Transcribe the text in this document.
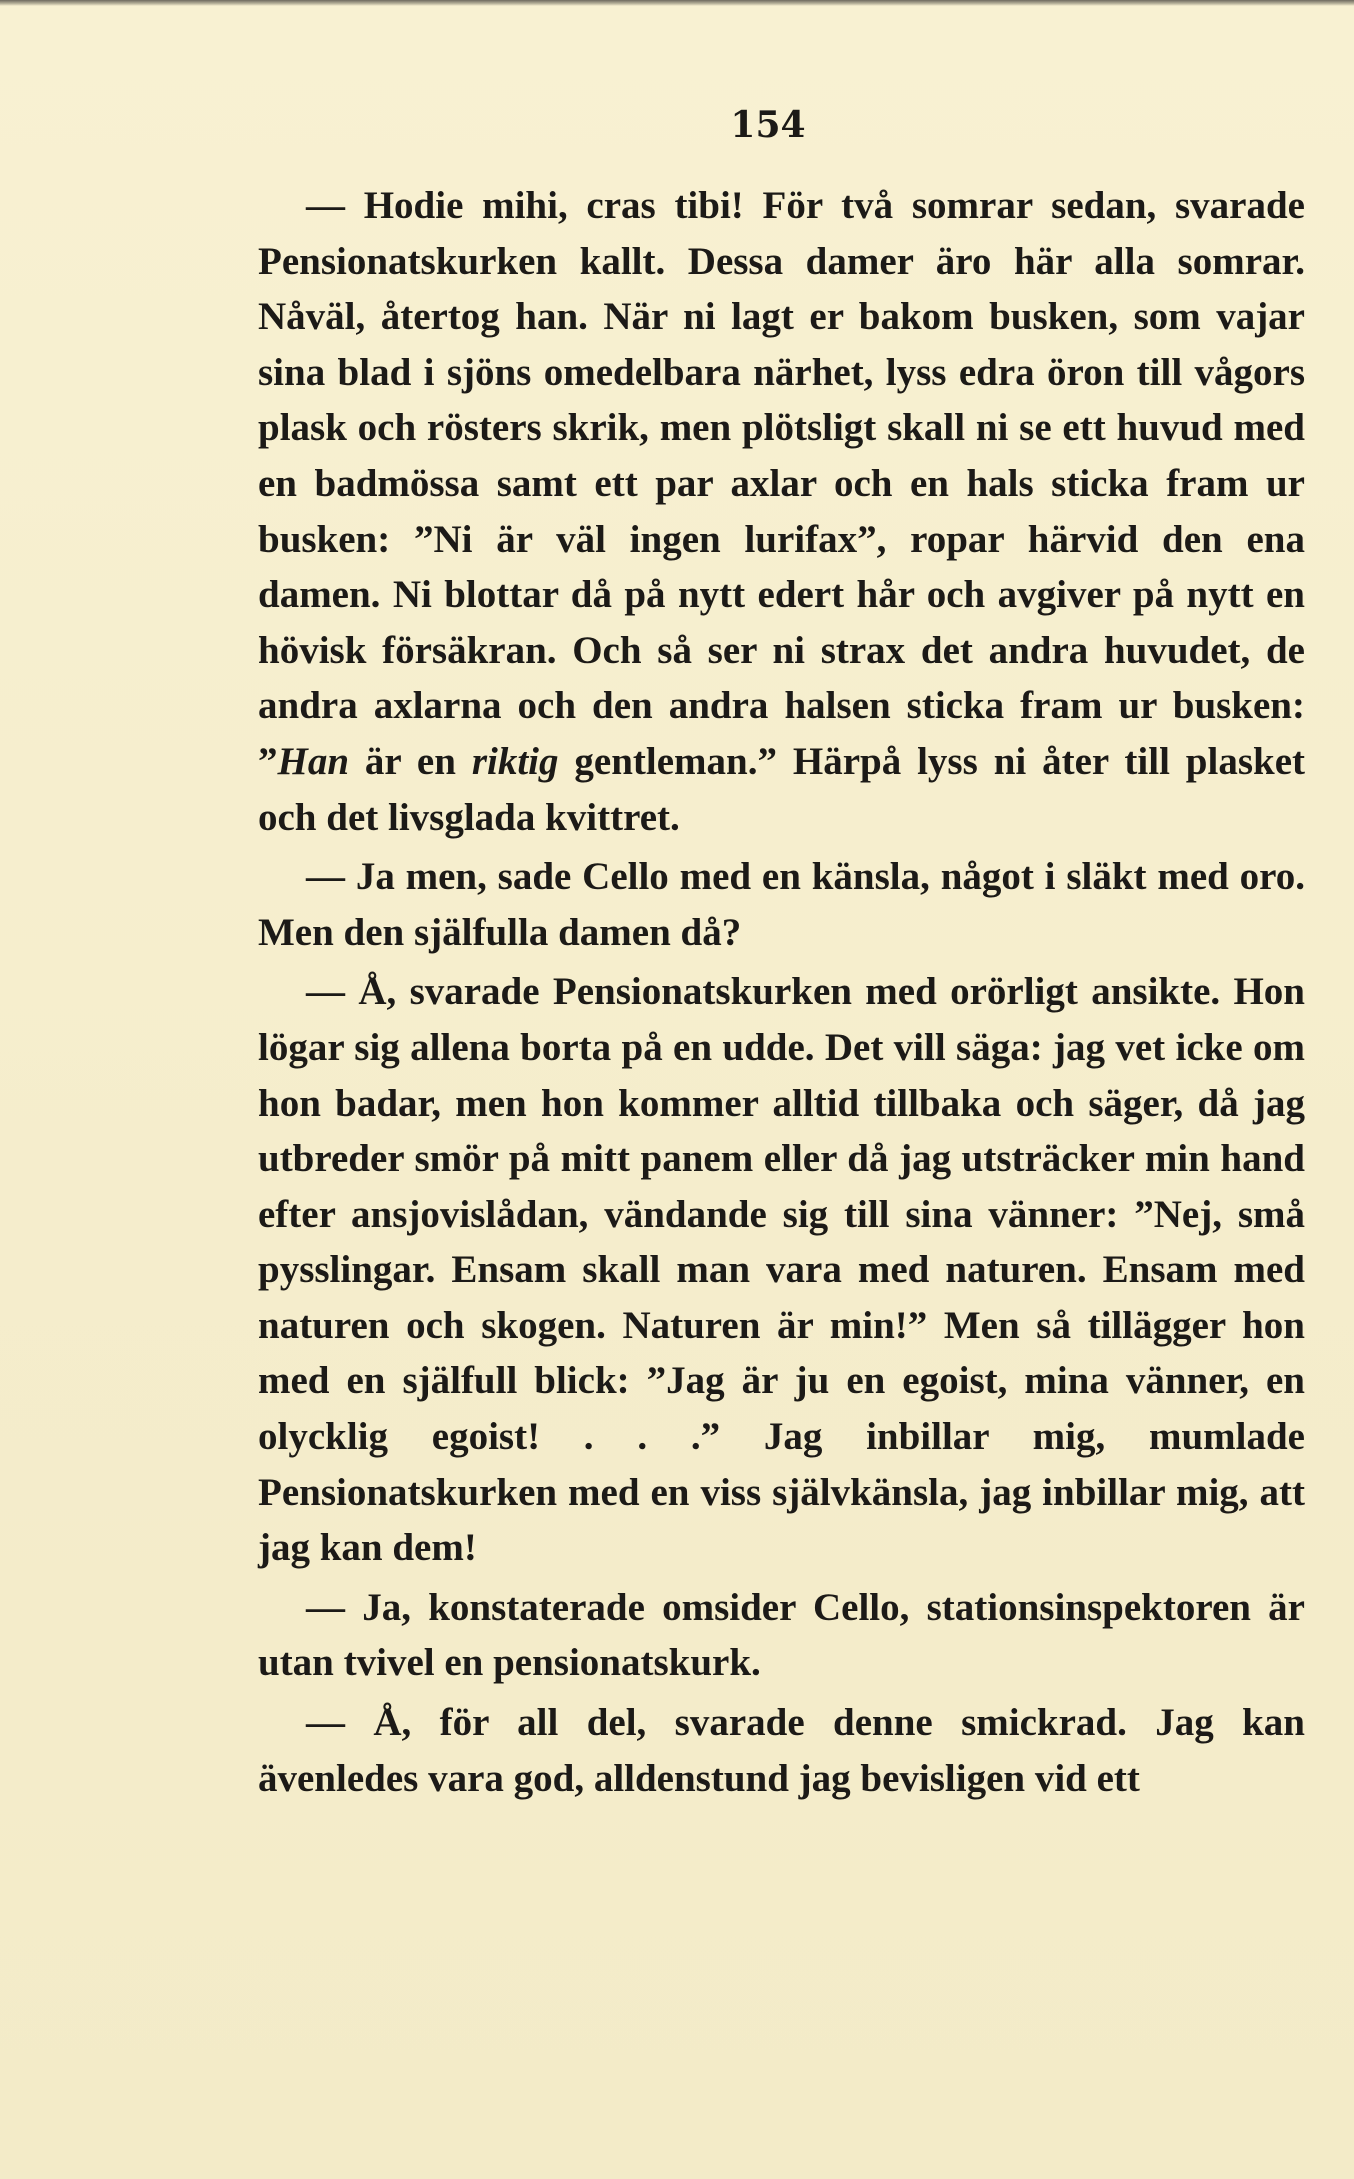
154

— Hodie mihi, cras tibi! För två somrar sedan, svarade Pensionatskurken kallt. Dessa damer äro här alla somrar. Nåväl, återtog han. När ni lagt er bakom busken, som vajar sina blad i sjöns omedelbara närhet, lyss edra öron till vågors plask och rösters skrik, men plötsligt skall ni se ett huvud med en badmössa samt ett par axlar och en hals sticka fram ur busken: ”Ni är väl ingen lurifax”, ropar härvid den ena damen. Ni blottar då på nytt edert hår och avgiver på nytt en hövisk försäkran. Och så ser ni strax det andra huvudet, de andra axlarna och den andra halsen sticka fram ur busken: ”Han är en riktig gentleman.” Härpå lyss ni åter till plasket och det livsglada kvittret.

— Ja men, sade Cello med en känsla, något i släkt med oro. Men den själfulla damen då?

— Å, svarade Pensionatskurken med orörligt ansikte. Hon lögar sig allena borta på en udde. Det vill säga: jag vet icke om hon badar, men hon kommer alltid tillbaka och säger, då jag utbreder smör på mitt panem eller då jag utsträcker min hand efter ansjovislådan, vändande sig till sina vänner: ”Nej, små pysslingar. Ensam skall man vara med naturen. Ensam med naturen och skogen. Naturen är min!” Men så tillägger hon med en själfull blick: ”Jag är ju en egoist, mina vänner, en olycklig egoist! . . .” Jag inbillar mig, mumlade Pensionatskurken med en viss självkänsla, jag inbillar mig, att jag kan dem!

— Ja, konstaterade omsider Cello, stationsinspektoren är utan tvivel en pensionatskurk.

— Å, för all del, svarade denne smickrad. Jag kan ävenledes vara god, alldenstund jag bevisligen vid ett
